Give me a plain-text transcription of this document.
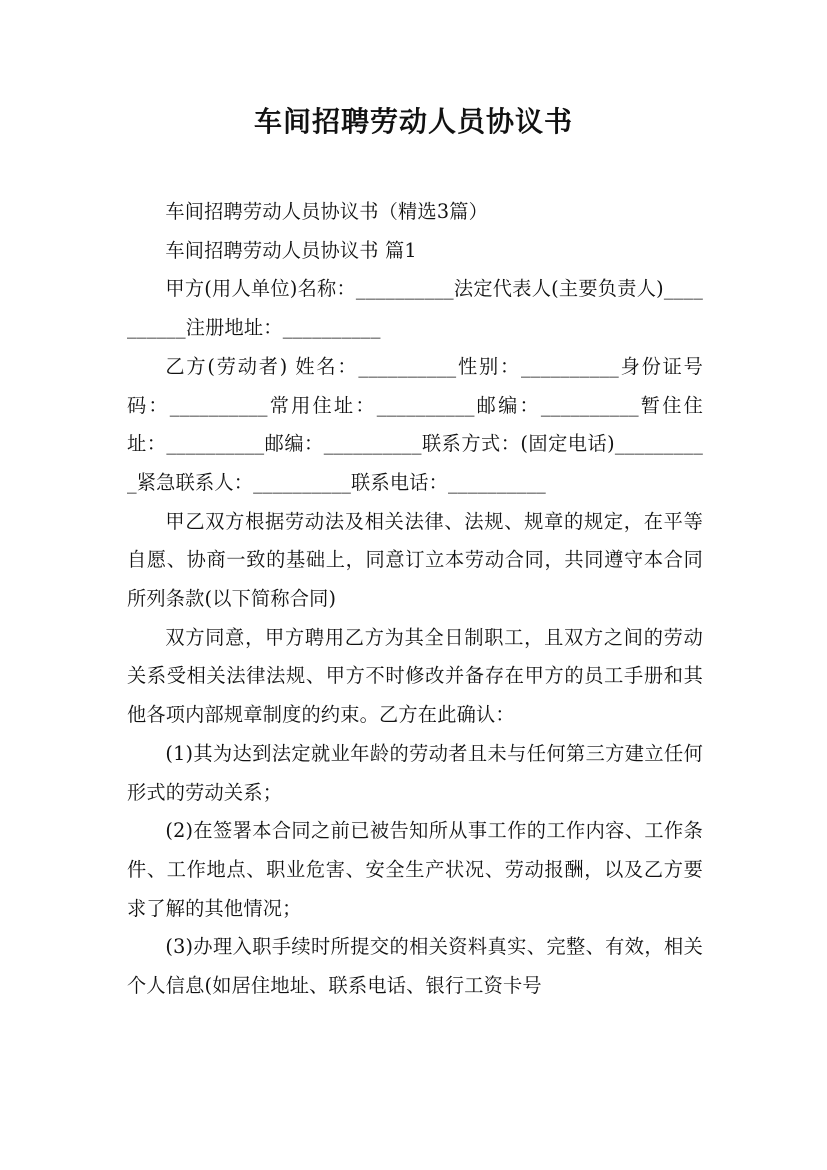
车间招聘劳动人员协议书

车间招聘劳动人员协议书（精选3篇）

车间招聘劳动人员协议书 篇1

甲方(用人单位)名称：__________法定代表人(主要负责人)__________注册地址：__________

乙方(劳动者) 姓名：__________性别：__________身份证号码：__________常用住址：__________邮编：__________暂住住址：__________邮编：__________联系方式：(固定电话)__________紧急联系人：__________联系电话：__________

甲乙双方根据劳动法及相关法律、法规、规章的规定，在平等自愿、协商一致的基础上，同意订立本劳动合同，共同遵守本合同所列条款(以下简称合同)

双方同意，甲方聘用乙方为其全日制职工，且双方之间的劳动关系受相关法律法规、甲方不时修改并备存在甲方的员工手册和其他各项内部规章制度的约束。乙方在此确认：

(1)其为达到法定就业年龄的劳动者且未与任何第三方建立任何形式的劳动关系；

(2)在签署本合同之前已被告知所从事工作的工作内容、工作条件、工作地点、职业危害、安全生产状况、劳动报酬，以及乙方要求了解的其他情况；

(3)办理入职手续时所提交的相关资料真实、完整、有效，相关个人信息(如居住地址、联系电话、银行工资卡号
